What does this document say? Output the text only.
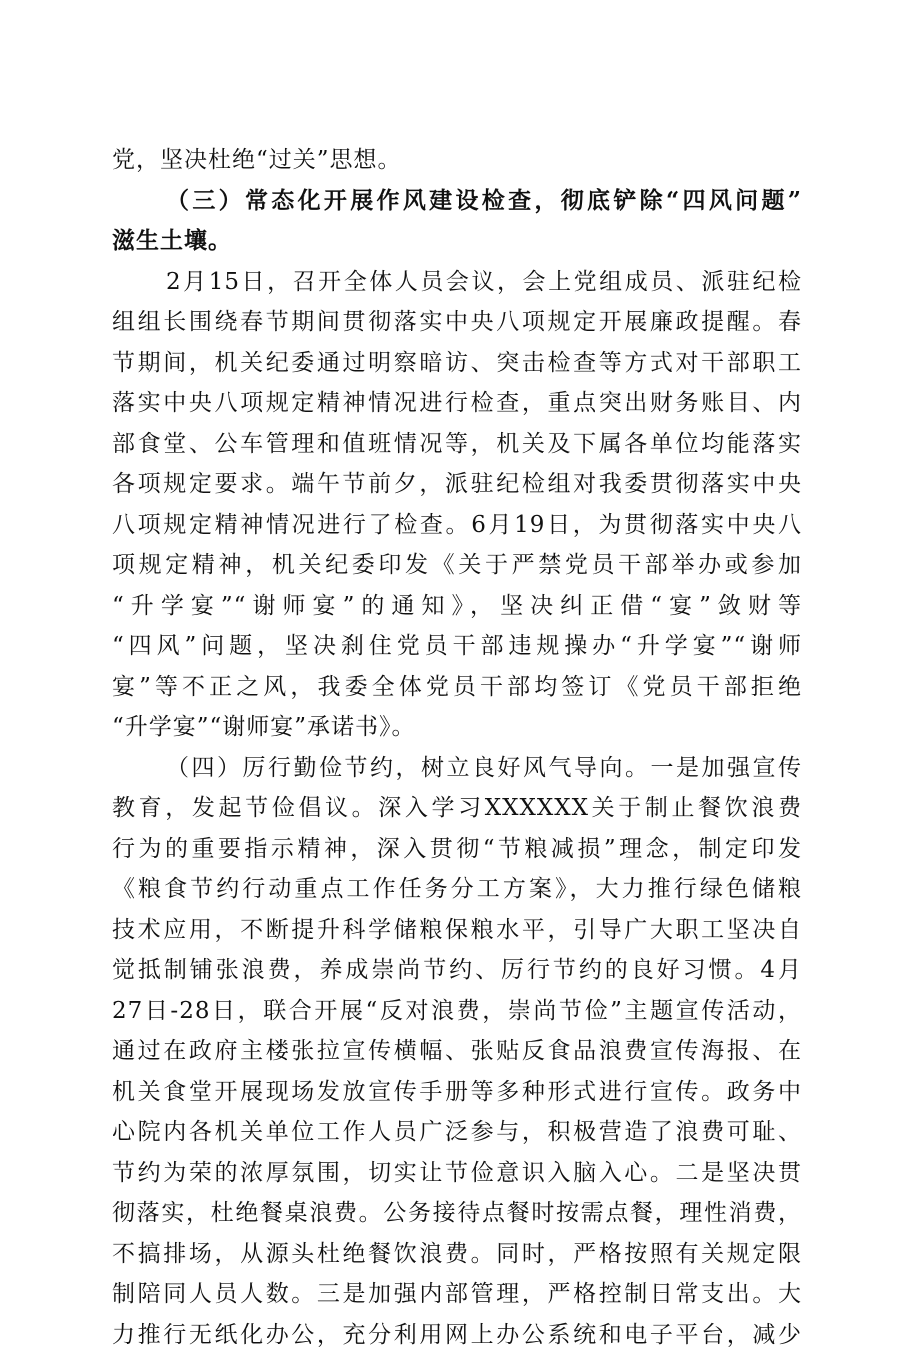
党，坚决杜绝“过关”思想。
（三）常态化开展作风建设检查，彻底铲除“四风问题”
滋生土壤。
2月15日，召开全体人员会议，会上党组成员、派驻纪检
组组长围绕春节期间贯彻落实中央八项规定开展廉政提醒。春
节期间，机关纪委通过明察暗访、突击检查等方式对干部职工
落实中央八项规定精神情况进行检查，重点突出财务账目、内
部食堂、公车管理和值班情况等，机关及下属各单位均能落实
各项规定要求。端午节前夕，派驻纪检组对我委贯彻落实中央
八项规定精神情况进行了检查。6月19日，为贯彻落实中央八
项规定精神，机关纪委印发《关于严禁党员干部举办或参加
“升学宴”“谢师宴”的通知》，坚决纠正借“宴”敛财等
“四风”问题，坚决刹住党员干部违规操办“升学宴”“谢师
宴”等不正之风，我委全体党员干部均签订《党员干部拒绝
“升学宴”“谢师宴”承诺书》。
（四）厉行勤俭节约，树立良好风气导向。一是加强宣传
教育，发起节俭倡议。深入学习XXXXXX关于制止餐饮浪费
行为的重要指示精神，深入贯彻“节粮减损”理念，制定印发
《粮食节约行动重点工作任务分工方案》，大力推行绿色储粮
技术应用，不断提升科学储粮保粮水平，引导广大职工坚决自
觉抵制铺张浪费，养成崇尚节约、厉行节约的良好习惯。4月
27日-28日，联合开展“反对浪费，崇尚节俭”主题宣传活动，
通过在政府主楼张拉宣传横幅、张贴反食品浪费宣传海报、在
机关食堂开展现场发放宣传手册等多种形式进行宣传。政务中
心院内各机关单位工作人员广泛参与，积极营造了浪费可耻、
节约为荣的浓厚氛围，切实让节俭意识入脑入心。二是坚决贯
彻落实，杜绝餐桌浪费。公务接待点餐时按需点餐，理性消费，
不搞排场，从源头杜绝餐饮浪费。同时，严格按照有关规定限
制陪同人员人数。三是加强内部管理，严格控制日常支出。大
力推行无纸化办公，充分利用网上办公系统和电子平台，减少
